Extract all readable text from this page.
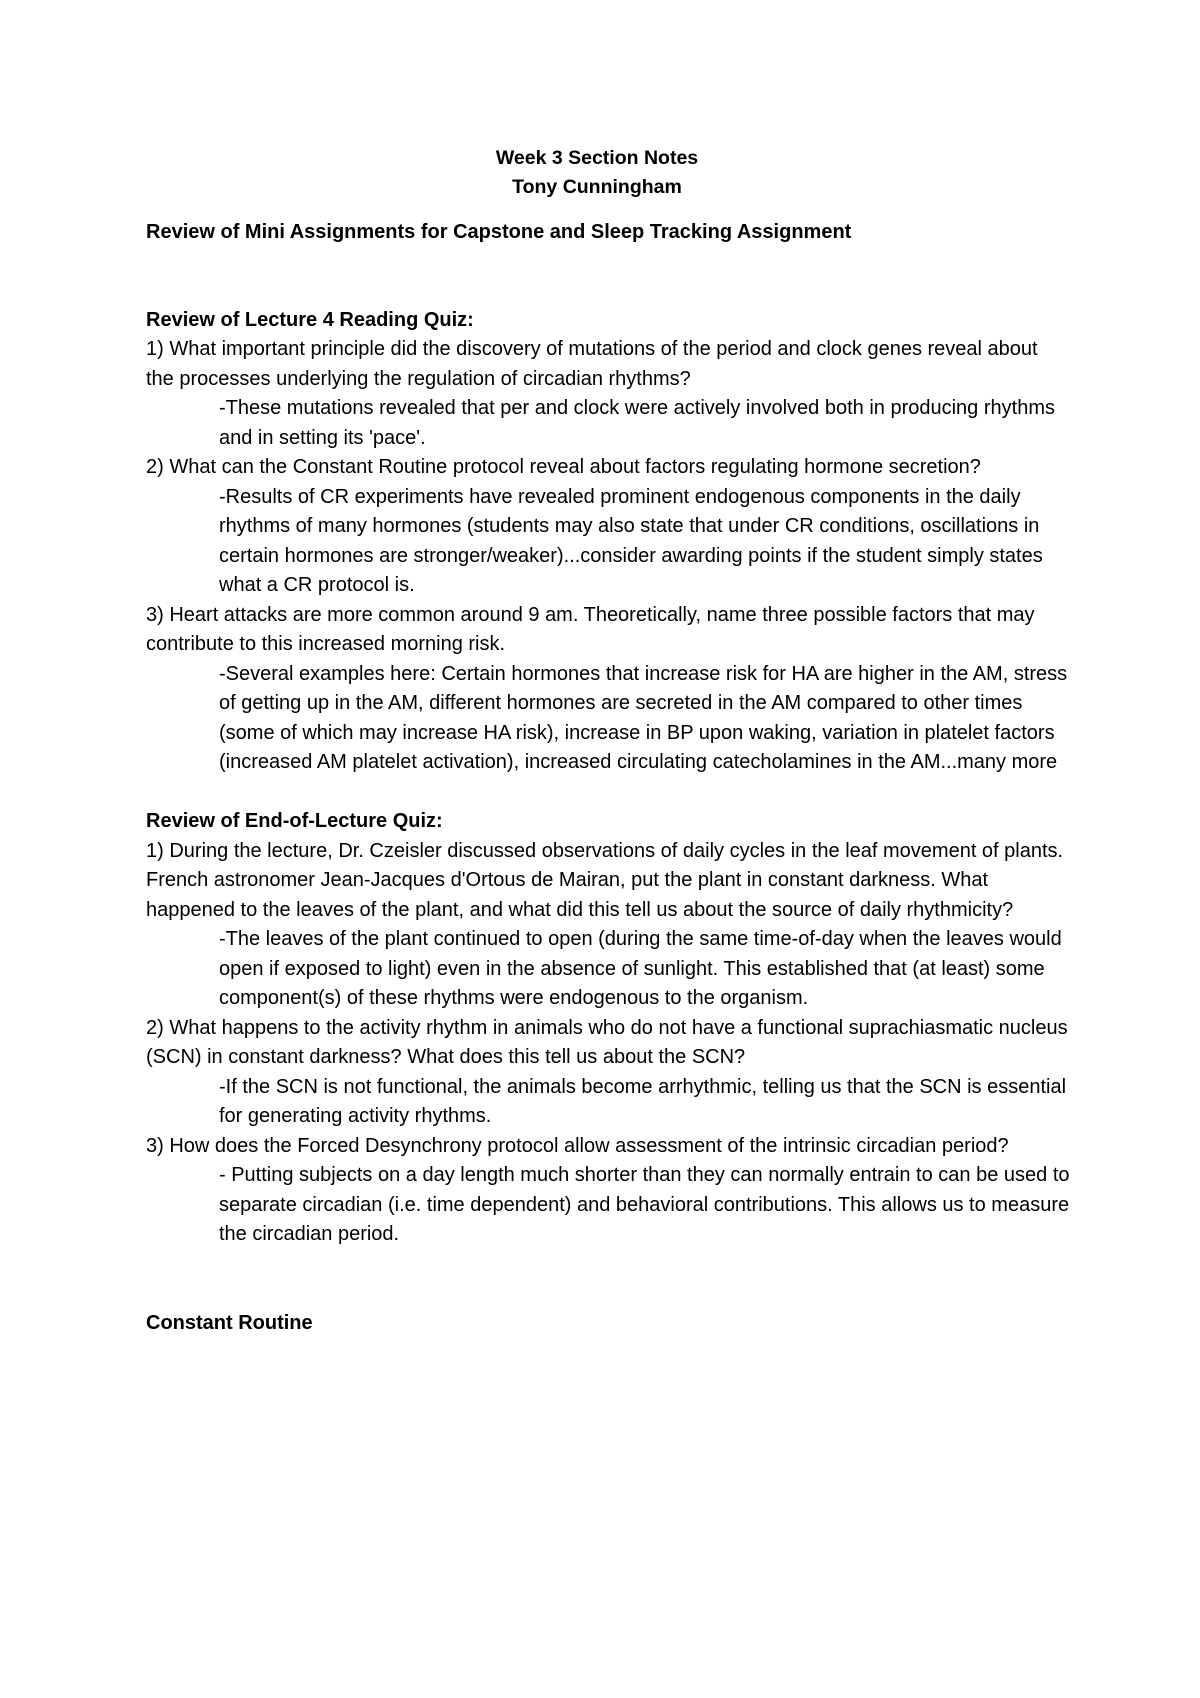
Week 3 Section Notes

Tony Cunningham

Review of Mini Assignments for Capstone and Sleep Tracking Assignment

Review of Lecture 4 Reading Quiz:

1) What important principle did the discovery of mutations of the period and clock genes reveal about the processes underlying the regulation of circadian rhythms?

-These mutations revealed that per and clock were actively involved both in producing rhythms and in setting its 'pace'.

2) What can the Constant Routine protocol reveal about factors regulating hormone secretion?

-Results of CR experiments have revealed prominent endogenous components in the daily rhythms of many hormones (students may also state that under CR conditions, oscillations in certain hormones are stronger/weaker)...consider awarding points if the student simply states what a CR protocol is.

3) Heart attacks are more common around 9 am. Theoretically, name three possible factors that may contribute to this increased morning risk.

-Several examples here: Certain hormones that increase risk for HA are higher in the AM, stress of getting up in the AM, different hormones are secreted in the AM compared to other times (some of which may increase HA risk), increase in BP upon waking, variation in platelet factors (increased AM platelet activation), increased circulating catecholamines in the AM...many more

Review of End-of-Lecture Quiz:

1) During the lecture, Dr. Czeisler discussed observations of daily cycles in the leaf movement of plants. French astronomer Jean-Jacques d'Ortous de Mairan, put the plant in constant darkness. What happened to the leaves of the plant, and what did this tell us about the source of daily rhythmicity?

-The leaves of the plant continued to open (during the same time-of-day when the leaves would open if exposed to light) even in the absence of sunlight. This established that (at least) some component(s) of these rhythms were endogenous to the organism.

2) What happens to the activity rhythm in animals who do not have a functional suprachiasmatic nucleus (SCN) in constant darkness? What does this tell us about the SCN?

-If the SCN is not functional, the animals become arrhythmic, telling us that the SCN is essential for generating activity rhythms.

3) How does the Forced Desynchrony protocol allow assessment of the intrinsic circadian period?

- Putting subjects on a day length much shorter than they can normally entrain to can be used to separate circadian (i.e. time dependent) and behavioral contributions. This allows us to measure the circadian period.

Constant Routine
